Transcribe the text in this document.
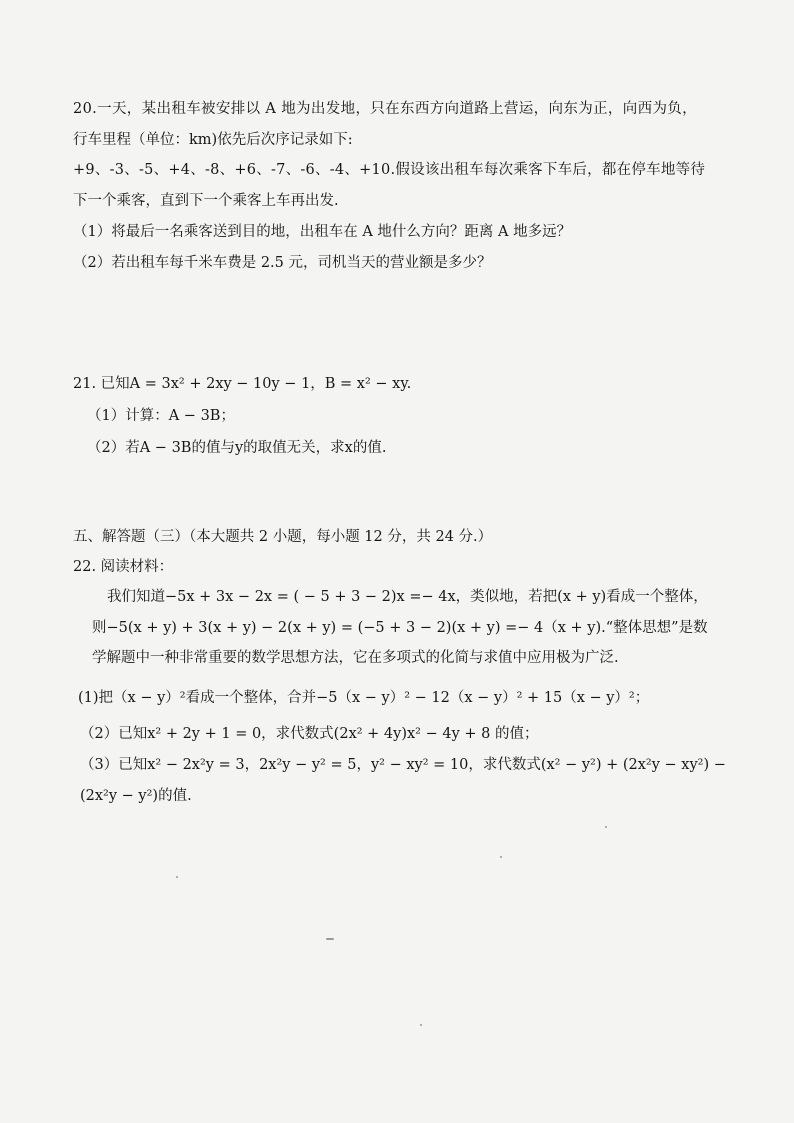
20.一天，某出租车被安排以 A 地为出发地，只在东西方向道路上营运，向东为正，向西为负，
行车里程（单位：km)依先后次序记录如下:
+9、-3、-5、+4、-8、+6、-7、-6、-4、+10.假设该出租车每次乘客下车后，都在停车地等待
下一个乘客，直到下一个乘客上车再出发.
（1）将最后一名乘客送到目的地，出租车在 A 地什么方向？距离 A 地多远？
（2）若出租车每千米车费是 2.5 元，司机当天的营业额是多少？
21. 已知A = 3x² + 2xy − 10y − 1，B = x² − xy.
（1）计算：A − 3B；
（2）若A − 3B的值与y的取值无关，求x的值.
五、解答题（三）（本大题共 2 小题，每小题 12 分，共 24 分.）
22. 阅读材料：
我们知道−5x + 3x − 2x = ( − 5 + 3 − 2)x =− 4x，类似地，若把(x + y)看成一个整体，
则−5(x + y) + 3(x + y) − 2(x + y) = (−5 + 3 − 2)(x + y) =− 4（x + y).“整体思想”是数
学解题中一种非常重要的数学思想方法，它在多项式的化简与求值中应用极为广泛.
(1)把（x − y）²看成一个整体，合并−5（x − y）² − 12（x − y）² + 15（x − y）²；
（2）已知x² + 2y + 1 = 0，求代数式(2x² + 4y)x² − 4y + 8 的值；
（3）已知x² − 2x²y = 3，2x²y − y² = 5，y² − xy² = 10，求代数式(x² − y²) + (2x²y − xy²) −
(2x²y − y²)的值.
